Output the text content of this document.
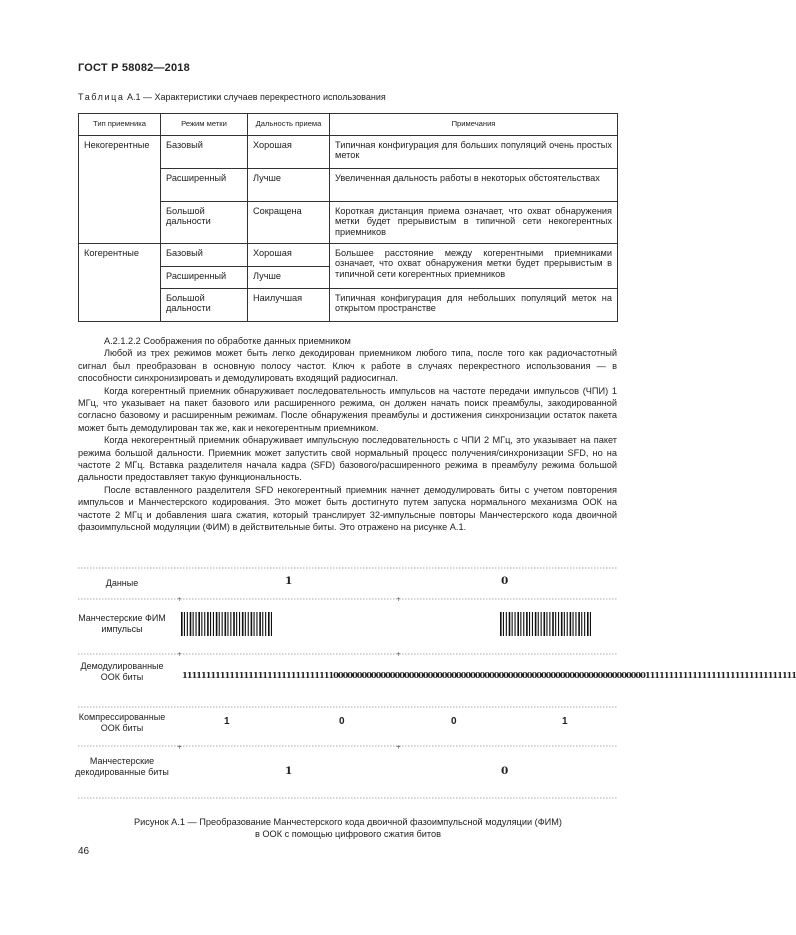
ГОСТ Р 58082—2018
Таблица А.1 — Характеристики случаев перекрестного использования
Тип приемника	Режим метки	Дальность приема	Примечания
Некогерентные	Базовый	Хорошая	Типичная конфигурация для больших популяций очень простых меток
	Расширенный	Лучше	Увеличенная дальность работы в некоторых обстоятельствах
	Большой дальности	Сокращена	Короткая дистанция приема означает, что охват обнаружения метки будет прерывистым в типичной сети некогерентных приемников
Когерентные	Базовый	Хорошая	Большее расстояние между когерентными приемниками означает, что охват обнаружения метки будет прерывистым в типичной сети когерентных приемников
	Расширенный	Лучше	
	Большой дальности	Наилучшая	Типичная конфигурация для небольших популяций меток на открытом пространстве

А.2.1.2.2 Соображения по обработке данных приемником

Любой из трех режимов может быть легко декодирован приемником любого типа, после того как радиочастотный сигнал был преобразован в основную полосу частот. Ключ к работе в случаях перекрестного использования — в способности синхронизировать и демодулировать входящий радиосигнал.

Когда когерентный приемник обнаруживает последовательность импульсов на частоте передачи импульсов (ЧПИ) 1 МГц, что указывает на пакет базового или расширенного режима, он должен начать поиск преамбулы, закодированной согласно базовому и расширенным режимам. После обнаружения преамбулы и достижения синхронизации остаток пакета может быть демодулирован так же, как и некогерентным приемником.

Когда некогерентный приемник обнаруживает импульсную последовательность с ЧПИ 2 МГц, это указывает на пакет режима большой дальности. Приемник может запустить свой нормальный процесс получения/синхронизации SFD, но на частоте 2 МГц. Вставка разделителя начала кадра (SFD) базового/расширенного режима в преамбулу режима большой дальности предоставляет такую функциональность.

После вставленного разделителя SFD некогерентный приемник начнет демодулировать биты с учетом повторения импульсов и Манчестерского кодирования. Это может быть достигнуто путем запуска нормального механизма ООК на частоте 2 МГц и добавления шага сжатия, который транслирует 32-импульсные повторы Манчестерского кода двоичной фазоимпульсной модуляции (ФИМ) в действительные биты. Это отражено на рисунке А.1.

+	+
+	+
+	+
Данные	1	0
Манчестерские ФИМ импульсы
Демодулированные ООК биты	1111111111111111111111111111111100000000000000000000000000000000000000000000000000000000000000000011111111111111111111111111111111
Компрессированные ООК биты
1	0	0	1
Манчестерские декодированные биты	1	0
Рисунок А.1 — Преобразование Манчестерского кода двоичной фазоимпульсной модуляции (ФИМ)
в ООК с помощью цифрового сжатия битов
46
